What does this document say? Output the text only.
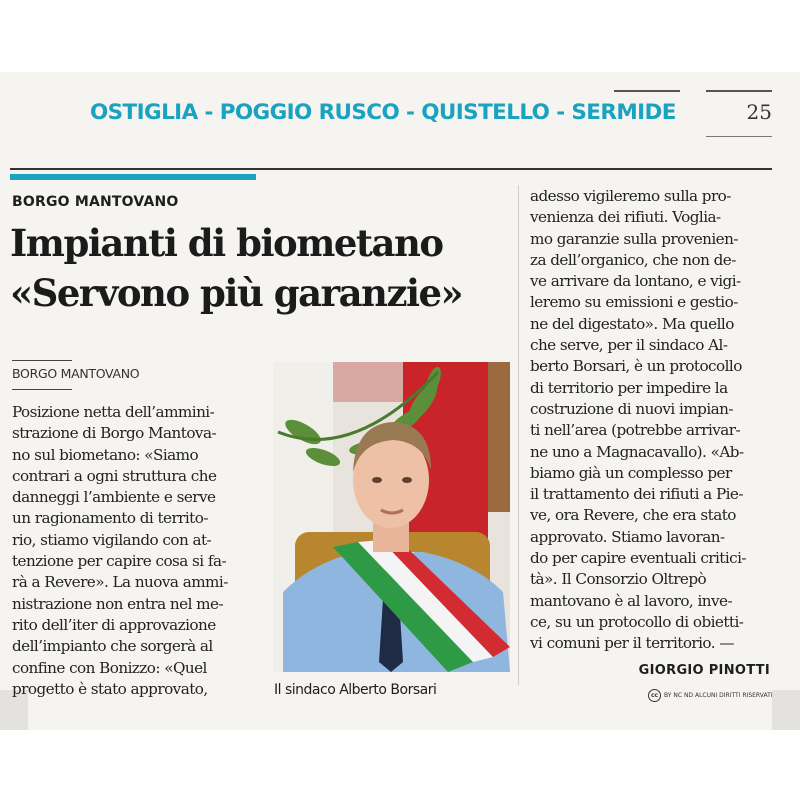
OSTIGLIA - POGGIO RUSCO - QUISTELLO - SERMIDE	25
BORGO MANTOVANO
Impianti di biometano
«Servono più garanzie»
BORGO MANTOVANO
Posizione netta dell’ammini-
strazione di Borgo Mantova-
no sul biometano: «Siamo
contrari a ogni struttura che
danneggi l’ambiente e serve
un ragionamento di territo-
rio, stiamo vigilando con at-
tenzione per capire cosa si fa-
rà a Revere». La nuova ammi-
nistrazione non entra nel me-
rito dell’iter di approvazione
dell’impianto che sorgerà al
confine con Bonizzo: «Quel
progetto è stato approvato,	Il sindaco Alberto Borsari
adesso vigileremo sulla pro-
venienza dei rifiuti. Voglia-
mo garanzie sulla provenien-
za dell’organico, che non de-
ve arrivare da lontano, e vigi-
leremo su emissioni e gestio-
ne del digestato». Ma quello
che serve, per il sindaco Al-
berto Borsari, è un protocollo
di territorio per impedire la
costruzione di nuovi impian-
ti nell’area (potrebbe arrivar-
ne uno a Magnacavallo). «Ab-
biamo già un complesso per
il trattamento dei rifiuti a Pie-
ve, ora Revere, che era stato
approvato. Stiamo lavoran-
do per capire eventuali critici-
tà». Il Consorzio Oltrepò
mantovano è al lavoro, inve-
ce, su un protocollo di obietti-
vi comuni per il territorio. —
GIORGIO PINOTTI
cc BY NC ND ALCUNI DIRITTI RISERVATI
